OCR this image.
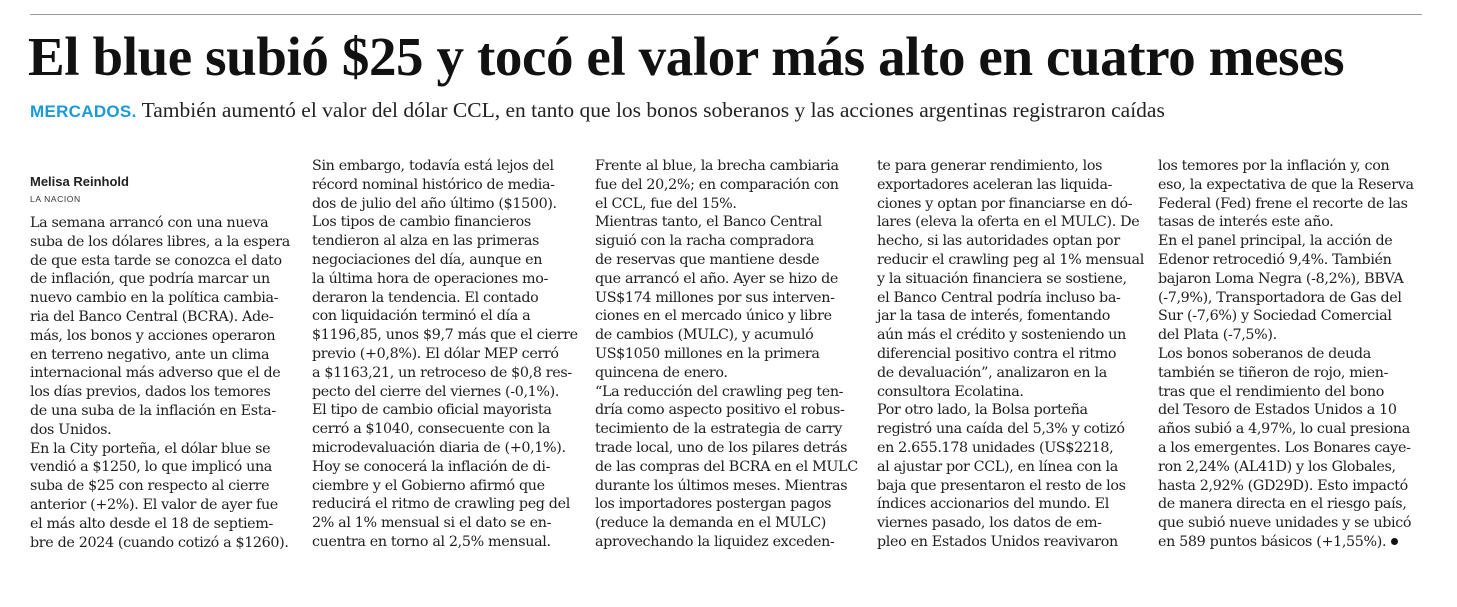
El blue subió $25 y tocó el valor más alto en cuatro meses
MERCADOS. También aumentó el valor del dólar CCL, en tanto que los bonos soberanos y las acciones argentinas registraron caídas
Melisa Reinhold
LA NACION
La semana arrancó con una nueva
suba de los dólares libres, a la espera
de que esta tarde se conozca el dato
de inflación, que podría marcar un
nuevo cambio en la política cambia-
ria del Banco Central (BCRA). Ade-
más, los bonos y acciones operaron
en terreno negativo, ante un clima
internacional más adverso que el de
los días previos, dados los temores
de una suba de la inflación en Esta-
dos Unidos.
En la City porteña, el dólar blue se
vendió a $1250, lo que implicó una
suba de $25 con respecto al cierre
anterior (+2%). El valor de ayer fue
el más alto desde el 18 de septiem-
bre de 2024 (cuando cotizó a $1260).
Sin embargo, todavía está lejos del
récord nominal histórico de media-
dos de julio del año último ($1500).
Los tipos de cambio financieros
tendieron al alza en las primeras
negociaciones del día, aunque en
la última hora de operaciones mo-
deraron la tendencia. El contado
con liquidación terminó el día a
$1196,85, unos $9,7 más que el cierre
previo (+0,8%). El dólar MEP cerró
a $1163,21, un retroceso de $0,8 res-
pecto del cierre del viernes (-0,1%).
El tipo de cambio oficial mayorista
cerró a $1040, consecuente con la
microdevaluación diaria de (+0,1%).
Hoy se conocerá la inflación de di-
ciembre y el Gobierno afirmó que
reducirá el ritmo de crawling peg del
2% al 1% mensual si el dato se en-
cuentra en torno al 2,5% mensual.
Frente al blue, la brecha cambiaria
fue del 20,2%; en comparación con
el CCL, fue del 15%.
Mientras tanto, el Banco Central
siguió con la racha compradora
de reservas que mantiene desde
que arrancó el año. Ayer se hizo de
US$174 millones por sus interven-
ciones en el mercado único y libre
de cambios (MULC), y acumuló
US$1050 millones en la primera
quincena de enero.
“La reducción del crawling peg ten-
dría como aspecto positivo el robus-
tecimiento de la estrategia de carry
trade local, uno de los pilares detrás
de las compras del BCRA en el MULC
durante los últimos meses. Mientras
los importadores postergan pagos
(reduce la demanda en el MULC)
aprovechando la liquidez exceden-
te para generar rendimiento, los
exportadores aceleran las liquida-
ciones y optan por financiarse en dó-
lares (eleva la oferta en el MULC). De
hecho, si las autoridades optan por
reducir el crawling peg al 1% mensual
y la situación financiera se sostiene,
el Banco Central podría incluso ba-
jar la tasa de interés, fomentando
aún más el crédito y sosteniendo un
diferencial positivo contra el ritmo
de devaluación”, analizaron en la
consultora Ecolatina.
Por otro lado, la Bolsa porteña
registró una caída del 5,3% y cotizó
en 2.655.178 unidades (US$2218,
al ajustar por CCL), en línea con la
baja que presentaron el resto de los
índices accionarios del mundo. El
viernes pasado, los datos de em-
pleo en Estados Unidos reavivaron
los temores por la inflación y, con
eso, la expectativa de que la Reserva
Federal (Fed) frene el recorte de las
tasas de interés este año.
En el panel principal, la acción de
Edenor retrocedió 9,4%. También
bajaron Loma Negra (-8,2%), BBVA
(-7,9%), Transportadora de Gas del
Sur (-7,6%) y Sociedad Comercial
del Plata (-7,5%).
Los bonos soberanos de deuda
también se tiñeron de rojo, mien-
tras que el rendimiento del bono
del Tesoro de Estados Unidos a 10
años subió a 4,97%, lo cual presiona
a los emergentes. Los Bonares caye-
ron 2,24% (AL41D) y los Globales,
hasta 2,92% (GD29D). Esto impactó
de manera directa en el riesgo país,
que subió nueve unidades y se ubicó
en 589 puntos básicos (+1,55%).
